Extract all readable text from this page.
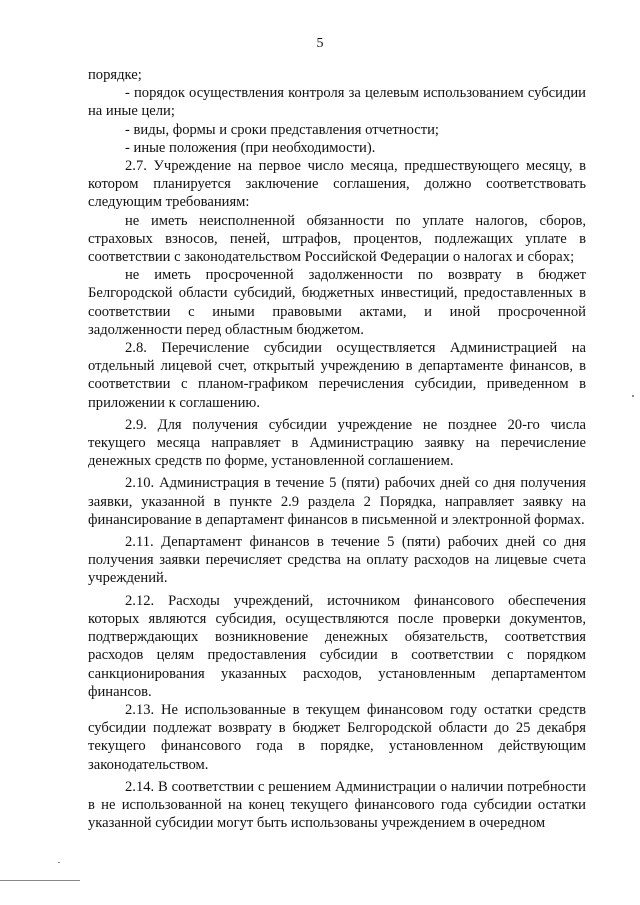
5

порядке;

- порядок осуществления контроля за целевым использованием субсидии на иные цели;

- виды, формы и сроки представления отчетности;

- иные положения (при необходимости).

2.7. Учреждение на первое число месяца, предшествующего месяцу, в котором планируется заключение соглашения, должно соответствовать следующим требованиям:

не иметь неисполненной обязанности по уплате налогов, сборов, страховых взносов, пеней, штрафов, процентов, подлежащих уплате в соответствии с законодательством Российской Федерации о налогах и сборах;

не иметь просроченной задолженности по возврату в бюджет Белгородской области субсидий, бюджетных инвестиций, предоставленных в соответствии с иными правовыми актами, и иной просроченной задолженности перед областным бюджетом.

2.8. Перечисление субсидии осуществляется Администрацией на отдельный лицевой счет, открытый учреждению в департаменте финансов, в соответствии с планом-графиком перечисления субсидии, приведенном в приложении к соглашению.

2.9. Для получения субсидии учреждение не позднее 20-го числа текущего месяца направляет в Администрацию заявку на перечисление денежных средств по форме, установленной соглашением.

2.10. Администрация в течение 5 (пяти) рабочих дней со дня получения заявки, указанной в пункте 2.9 раздела 2 Порядка, направляет заявку на финансирование в департамент финансов в письменной и электронной формах.

2.11. Департамент финансов в течение 5 (пяти) рабочих дней со дня получения заявки перечисляет средства на оплату расходов на лицевые счета учреждений.

2.12. Расходы учреждений, источником финансового обеспечения которых являются субсидия, осуществляются после проверки документов, подтверждающих возникновение денежных обязательств, соответствия расходов целям предоставления субсидии в соответствии с порядком санкционирования указанных расходов, установленным департаментом финансов.

2.13. Не использованные в текущем финансовом году остатки средств субсидии подлежат возврату в бюджет Белгородской области до 25 декабря текущего финансового года в порядке, установленном действующим законодательством.

2.14. В соответствии с решением Администрации о наличии потребности в не использованной на конец текущего финансового года субсидии остатки указанной субсидии могут быть использованы учреждением в очередном
